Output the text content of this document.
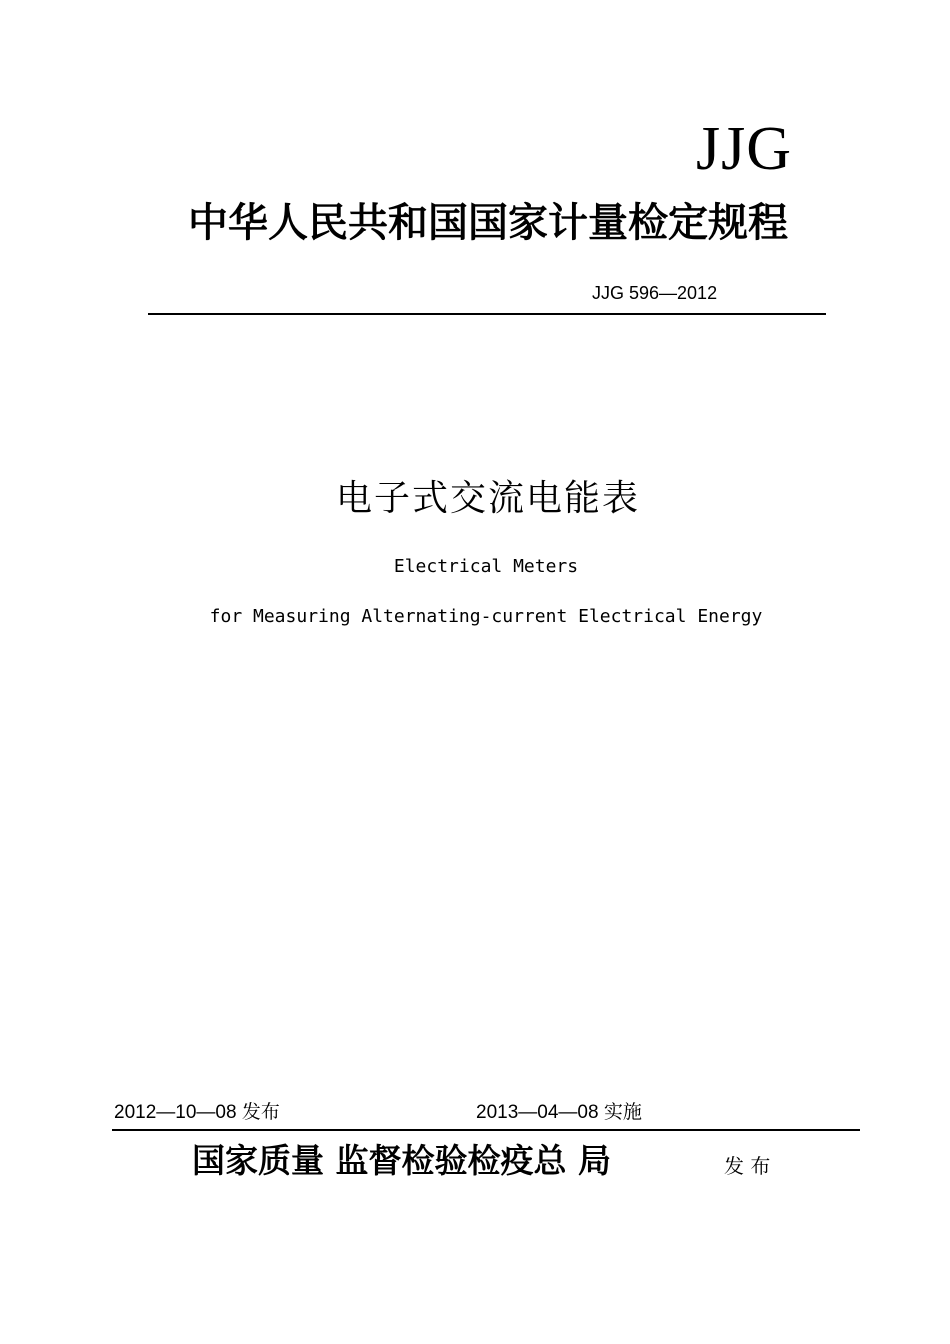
JJG
中华人民共和国国家计量检定规程
JJG 596—2012
电子式交流电能表
Electrical Meters
for Measuring Alternating-current Electrical Energy
2012—10—08 发布	2013—04—08 实施
国家质量 监督检验检疫总 局	发 布
